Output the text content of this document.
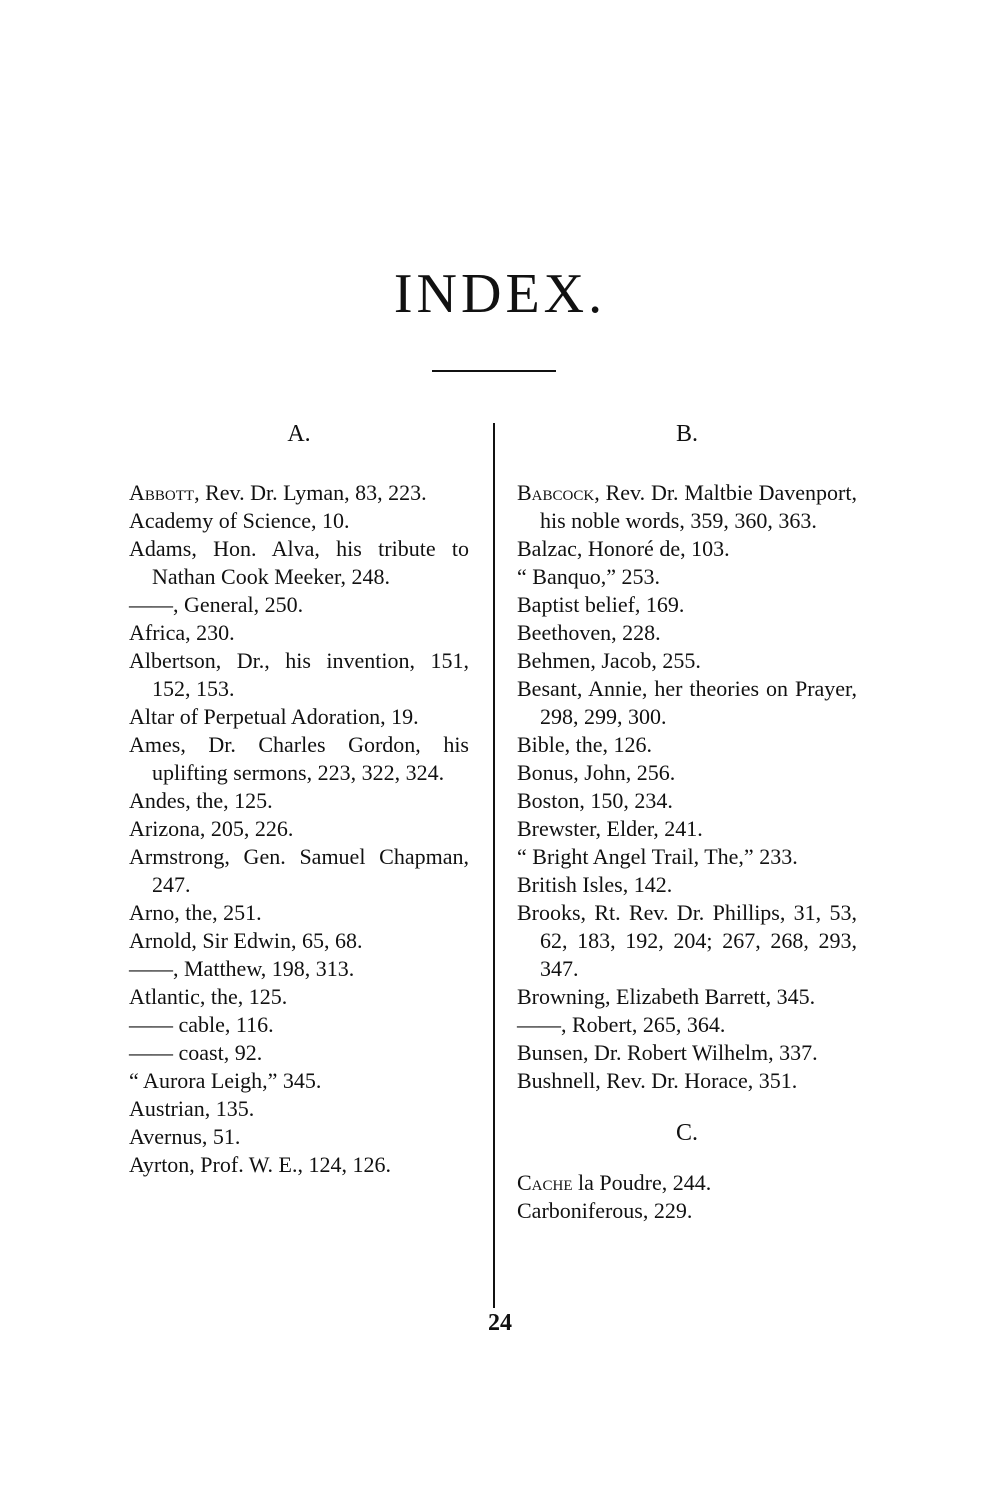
INDEX.
A.

Abbott, Rev. Dr. Lyman, 83, 223.

Academy of Science, 10.

Adams, Hon. Alva, his tribute to Nathan Cook Meeker, 248.

——, General, 250.

Africa, 230.

Albertson, Dr., his invention, 151, 152, 153.

Altar of Perpetual Adoration, 19.

Ames, Dr. Charles Gordon, his uplifting sermons, 223, 322, 324.

Andes, the, 125.

Arizona, 205, 226.

Armstrong, Gen. Samuel Chapman, 247.

Arno, the, 251.

Arnold, Sir Edwin, 65, 68.

——, Matthew, 198, 313.

Atlantic, the, 125.

—— cable, 116.

—— coast, 92.

“ Aurora Leigh,” 345.

Austrian, 135.

Avernus, 51.

Ayrton, Prof. W. E., 124, 126.

B.

Babcock, Rev. Dr. Maltbie Davenport, his noble words, 359, 360, 363.

Balzac, Honoré de, 103.

“ Banquo,” 253.

Baptist belief, 169.

Beethoven, 228.

Behmen, Jacob, 255.

Besant, Annie, her theories on Prayer, 298, 299, 300.

Bible, the, 126.

Bonus, John, 256.

Boston, 150, 234.

Brewster, Elder, 241.

“ Bright Angel Trail, The,” 233.

British Isles, 142.

Brooks, Rt. Rev. Dr. Phillips, 31, 53, 62, 183, 192, 204; 267, 268, 293, 347.

Browning, Elizabeth Barrett, 345.

——, Robert, 265, 364.

Bunsen, Dr. Robert Wilhelm, 337.

Bushnell, Rev. Dr. Horace, 351.

C.

Cache la Poudre, 244.

Carboniferous, 229.

24
